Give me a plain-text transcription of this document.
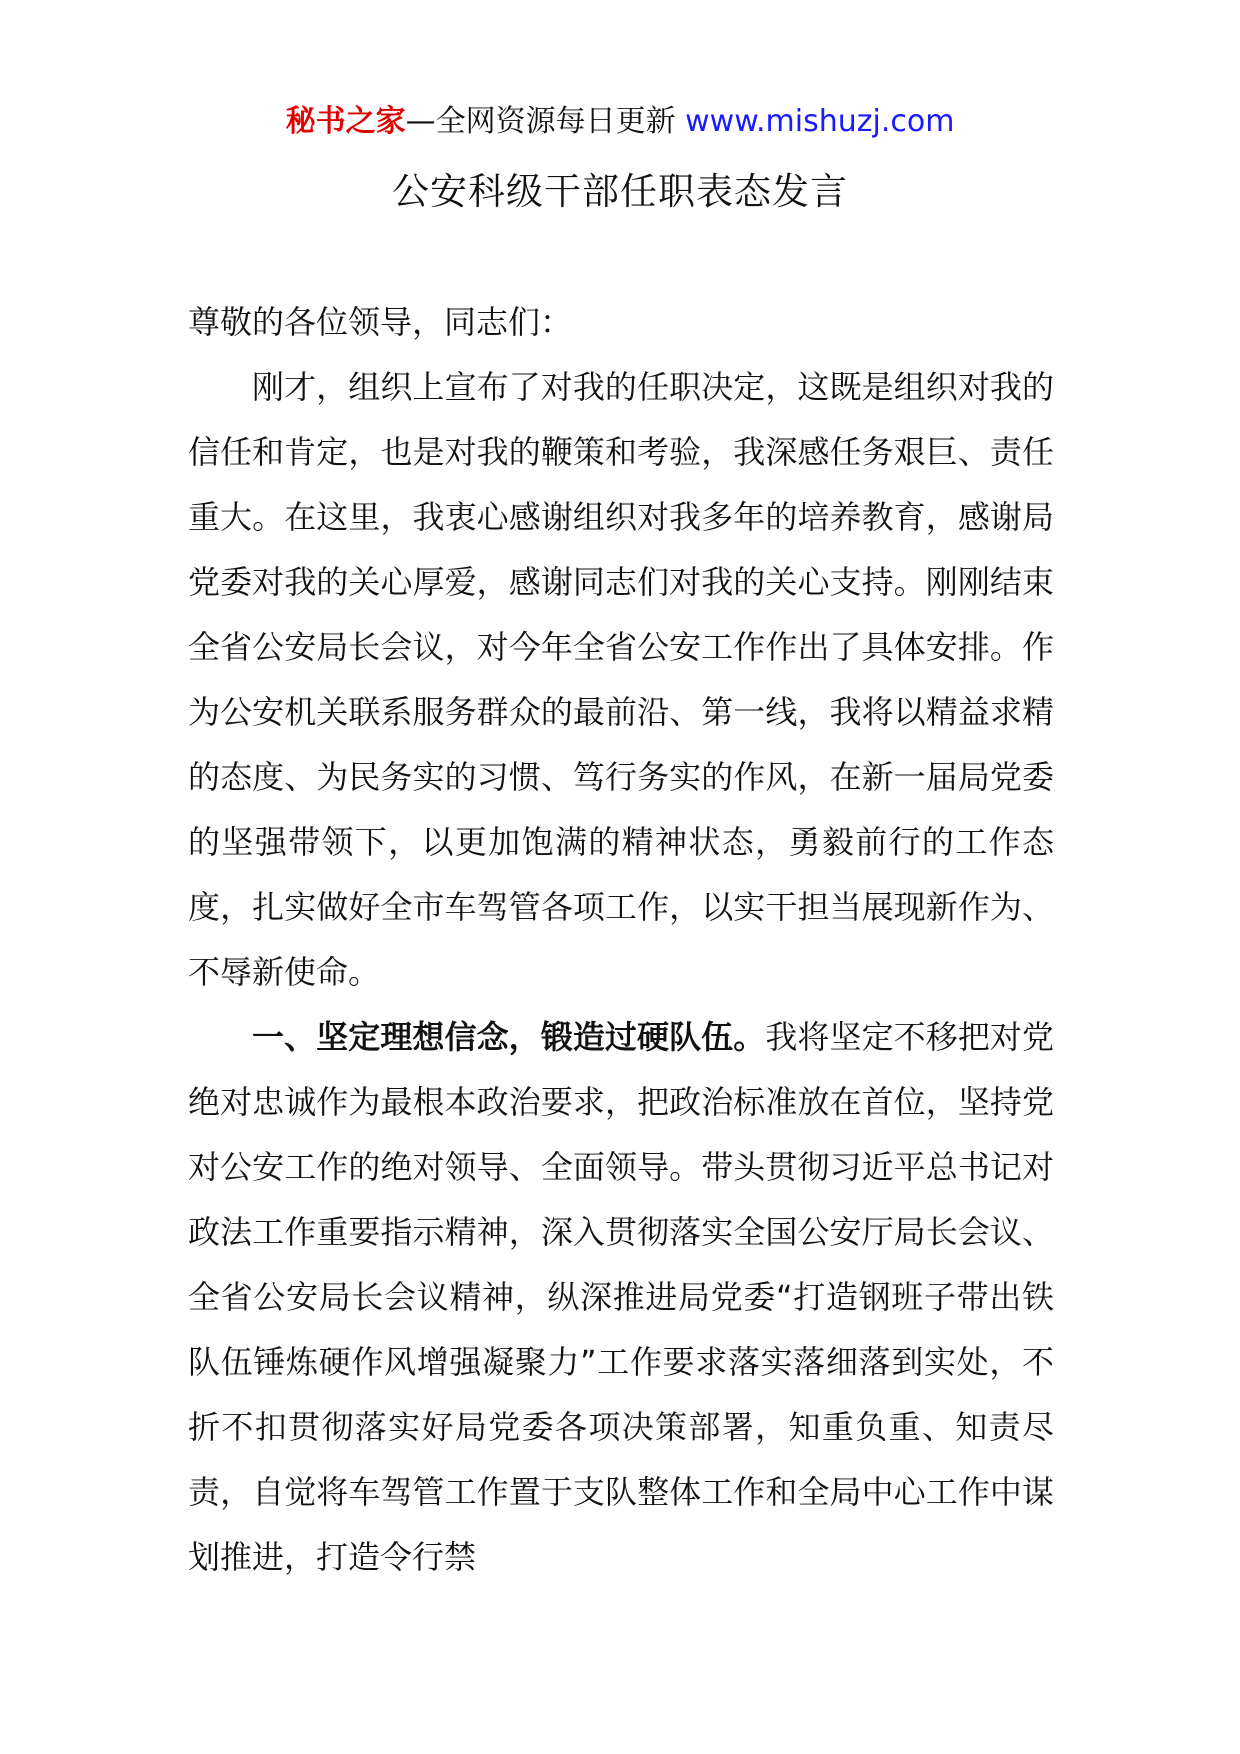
秘书之家—全网资源每日更新 www.mishuzj.com
公安科级干部任职表态发言

尊敬的各位领导，同志们：

刚才，组织上宣布了对我的任职决定，这既是组织对我的信任和肯定，也是对我的鞭策和考验，我深感任务艰巨、责任重大。在这里，我衷心感谢组织对我多年的培养教育，感谢局党委对我的关心厚爱，感谢同志们对我的关心支持。刚刚结束全省公安局长会议，对今年全省公安工作作出了具体安排。作为公安机关联系服务群众的最前沿、第一线，我将以精益求精的态度、为民务实的习惯、笃行务实的作风，在新一届局党委的坚强带领下，以更加饱满的精神状态，勇毅前行的工作态度，扎实做好全市车驾管各项工作，以实干担当展现新作为、不辱新使命。

一、坚定理想信念，锻造过硬队伍。我将坚定不移把对党绝对忠诚作为最根本政治要求，把政治标准放在首位，坚持党对公安工作的绝对领导、全面领导。带头贯彻习近平总书记对政法工作重要指示精神，深入贯彻落实全国公安厅局长会议、全省公安局长会议精神，纵深推进局党委“打造钢班子带出铁队伍锤炼硬作风增强凝聚力”工作要求落实落细落到实处，不折不扣贯彻落实好局党委各项决策部署，知重负重、知责尽责，自觉将车驾管工作置于支队整体工作和全局中心工作中谋划推进，打造令行禁
